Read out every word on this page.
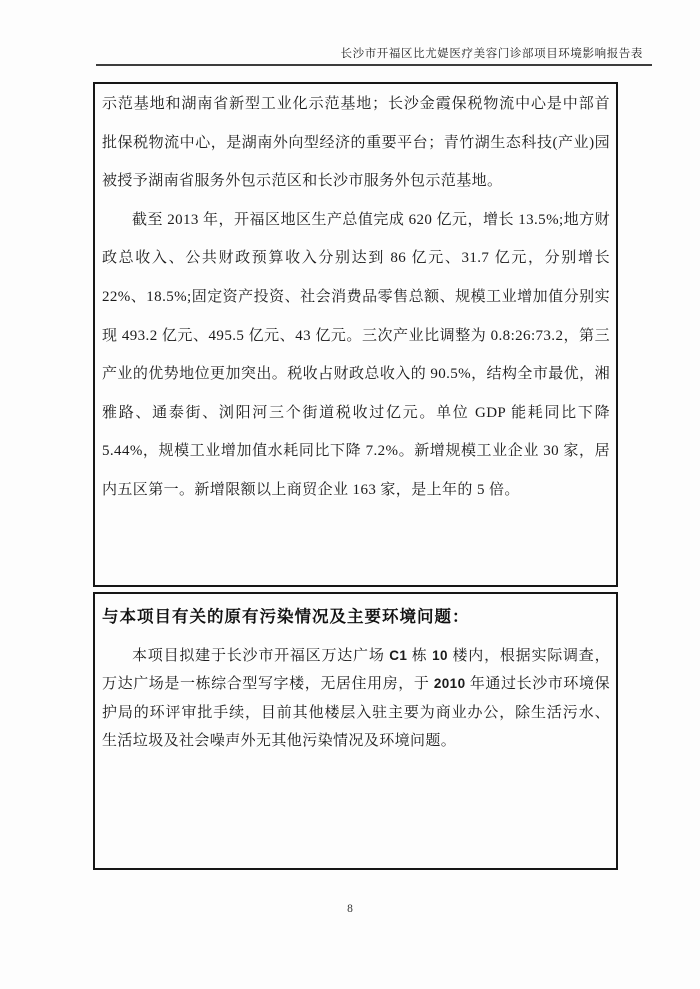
长沙市开福区比尤媞医疗美容门诊部项目环境影响报告表

示范基地和湖南省新型工业化示范基地；长沙金霞保税物流中心是中部首批保税物流中心，是湖南外向型经济的重要平台；青竹湖生态科技(产业)园被授予湖南省服务外包示范区和长沙市服务外包示范基地。

截至 2013 年，开福区地区生产总值完成 620 亿元，增长 13.5%;地方财政总收入、公共财政预算收入分别达到 86 亿元、31.7 亿元，分别增长 22%、18.5%;固定资产投资、社会消费品零售总额、规模工业增加值分别实现 493.2 亿元、495.5 亿元、43 亿元。三次产业比调整为 0.8:26:73.2，第三产业的优势地位更加突出。税收占财政总收入的 90.5%，结构全市最优，湘雅路、通泰街、浏阳河三个街道税收过亿元。单位 GDP 能耗同比下降 5.44%，规模工业增加值水耗同比下降 7.2%。新增规模工业企业 30 家，居内五区第一。新增限额以上商贸企业 163 家，是上年的 5 倍。

与本项目有关的原有污染情况及主要环境问题：

本项目拟建于长沙市开福区万达广场 C1 栋 10 楼内，根据实际调查，万达广场是一栋综合型写字楼，无居住用房，于 2010 年通过长沙市环境保护局的环评审批手续，目前其他楼层入驻主要为商业办公，除生活污水、生活垃圾及社会噪声外无其他污染情况及环境问题。

8
